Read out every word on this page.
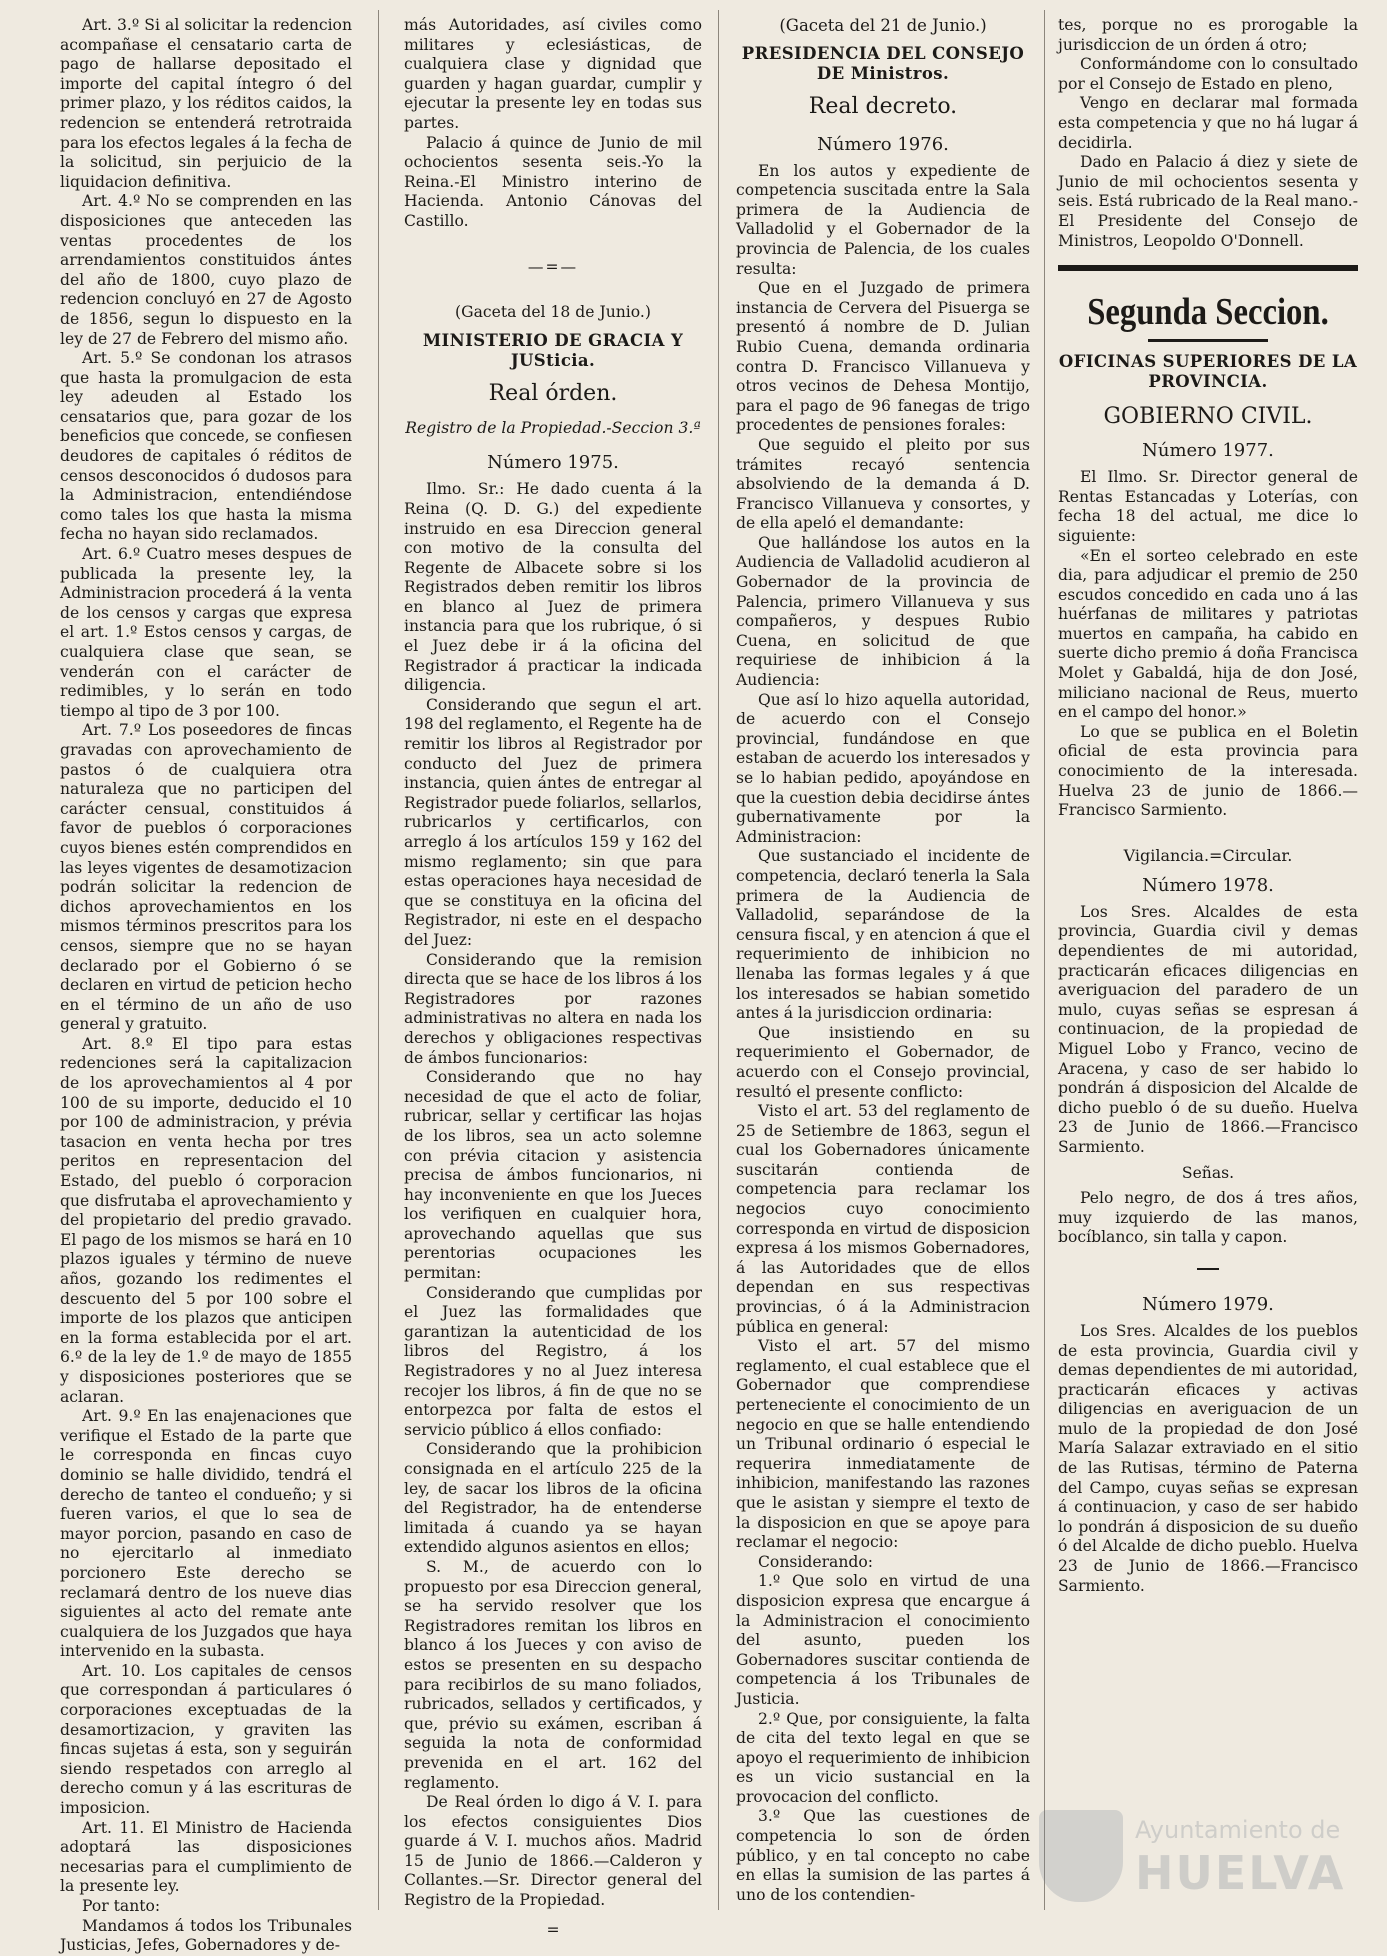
Art. 3.º Si al solicitar la redencion acompañase el censatario carta de pago de hallarse depositado el importe del capital íntegro ó del primer plazo, y los réditos caidos, la redencion se entenderá retrotraida para los efectos legales á la fecha de la solicitud, sin perjuicio de la liquidacion definitiva.

Art. 4.º No se comprenden en las disposiciones que anteceden las ventas procedentes de los arrendamientos constituidos ántes del año de 1800, cuyo plazo de redencion concluyó en 27 de Agosto de 1856, segun lo dispuesto en la ley de 27 de Febrero del mismo año.

Art. 5.º Se condonan los atrasos que hasta la promulgacion de esta ley adeuden al Estado los censatarios que, para gozar de los beneficios que concede, se confiesen deudores de capitales ó réditos de censos desconocidos ó dudosos para la Administracion, entendiéndose como tales los que hasta la misma fecha no hayan sido reclamados.

Art. 6.º Cuatro meses despues de publicada la presente ley, la Administracion procederá á la venta de los censos y cargas que expresa el art. 1.º Estos censos y cargas, de cualquiera clase que sean, se venderán con el carácter de redimibles, y lo serán en todo tiempo al tipo de 3 por 100.

Art. 7.º Los poseedores de fincas gravadas con aprovechamiento de pastos ó de cualquiera otra naturaleza que no participen del carácter censual, constituidos á favor de pueblos ó corporaciones cuyos bienes estén comprendidos en las leyes vigentes de desamotizacion podrán solicitar la redencion de dichos aprovechamientos en los mismos términos prescritos para los censos, siempre que no se hayan declarado por el Gobierno ó se declaren en virtud de peticion hecho en el término de un año de uso general y gratuito.

Art. 8.º El tipo para estas redenciones será la capitalizacion de los aprovechamientos al 4 por 100 de su importe, deducido el 10 por 100 de administracion, y prévia tasacion en venta hecha por tres peritos en representacion del Estado, del pueblo ó corporacion que disfrutaba el aprovechamiento y del propietario del predio gravado. El pago de los mismos se hará en 10 plazos iguales y término de nueve años, gozando los redimentes el descuento del 5 por 100 sobre el importe de los plazos que anticipen en la forma establecida por el art. 6.º de la ley de 1.º de mayo de 1855 y disposiciones posteriores que se aclaran.

Art. 9.º En las enajenaciones que verifique el Estado de la parte que le corresponda en fincas cuyo dominio se halle dividido, tendrá el derecho de tanteo el condueño; y si fueren varios, el que lo sea de mayor porcion, pasando en caso de no ejercitarlo al inmediato porcionero Este derecho se reclamará dentro de los nueve dias siguientes al acto del remate ante cualquiera de los Juzgados que haya intervenido en la subasta.

Art. 10. Los capitales de censos que correspondan á particulares ó corporaciones exceptuadas de la desamortizacion, y graviten las fincas sujetas á esta, son y seguirán siendo respetados con arreglo al derecho comun y á las escrituras de imposicion.

Art. 11. El Ministro de Hacienda adoptará las disposiciones necesarias para el cumplimiento de la presente ley.

Por tanto:

Mandamos á todos los Tribunales Justicias, Jefes, Gobernadores y de-

más Autoridades, así civiles como militares y eclesiásticas, de cualquiera clase y dignidad que guarden y hagan guardar, cumplir y ejecutar la presente ley en todas sus partes.

Palacio á quince de Junio de mil ochocientos sesenta seis.-Yo la Reina.-El Ministro interino de Hacienda. Antonio Cánovas del Castillo.

—=—
(Gaceta del 18 de Junio.)
MINISTERIO DE GRACIA Y JUSticia.
Real órden.
Registro de la Propiedad.-Seccion 3.ª
Número 1975.

Ilmo. Sr.: He dado cuenta á la Reina (Q. D. G.) del expediente instruido en esa Direccion general con motivo de la consulta del Regente de Albacete sobre si los Registrados deben remitir los libros en blanco al Juez de primera instancia para que los rubrique, ó si el Juez debe ir á la oficina del Registrador á practicar la indicada diligencia.

Considerando que segun el art. 198 del reglamento, el Regente ha de remitir los libros al Registrador por conducto del Juez de primera instancia, quien ántes de entregar al Registrador puede foliarlos, sellarlos, rubricarlos y certificarlos, con arreglo á los artículos 159 y 162 del mismo reglamento; sin que para estas operaciones haya necesidad de que se constituya en la oficina del Registrador, ni este en el despacho del Juez:

Considerando que la remision directa que se hace de los libros á los Registradores por razones administrativas no altera en nada los derechos y obligaciones respectivas de ámbos funcionarios:

Considerando que no hay necesidad de que el acto de foliar, rubricar, sellar y certificar las hojas de los libros, sea un acto solemne con prévia citacion y asistencia precisa de ámbos funcionarios, ni hay inconveniente en que los Jueces los verifiquen en cualquier hora, aprovechando aquellas que sus perentorias ocupaciones les permitan:

Considerando que cumplidas por el Juez las formalidades que garantizan la autenticidad de los libros del Registro, á los Registradores y no al Juez interesa recojer los libros, á fin de que no se entorpezca por falta de estos el servicio público á ellos confiado:

Considerando que la prohibicion consignada en el artículo 225 de la ley, de sacar los libros de la oficina del Registrador, ha de entenderse limitada á cuando ya se hayan extendido algunos asientos en ellos;

S. M., de acuerdo con lo propuesto por esa Direccion general, se ha servido resolver que los Registradores remitan los libros en blanco á los Jueces y con aviso de estos se presenten en su despacho para recibirlos de su mano foliados, rubricados, sellados y certificados, y que, prévio su exámen, escriban á seguida la nota de conformidad prevenida en el art. 162 del reglamento.

De Real órden lo digo á V. I. para los efectos consiguientes Dios guarde á V. I. muchos años. Madrid 15 de Junio de 1866.—Calderon y Collantes.—Sr. Director general del Registro de la Propiedad.

=
(Gaceta del 21 de Junio.)
PRESIDENCIA DEL CONSEJO DE Ministros.
Real decreto.
Número 1976.

En los autos y expediente de competencia suscitada entre la Sala primera de la Audiencia de Valladolid y el Gobernador de la provincia de Palencia, de los cuales resulta:

Que en el Juzgado de primera instancia de Cervera del Pisuerga se presentó á nombre de D. Julian Rubio Cuena, demanda ordinaria contra D. Francisco Villanueva y otros vecinos de Dehesa Montijo, para el pago de 96 fanegas de trigo procedentes de pensiones forales:

Que seguido el pleito por sus trámites recayó sentencia absolviendo de la demanda á D. Francisco Villanueva y consortes, y de ella apeló el demandante:

Que hallándose los autos en la Audiencia de Valladolid acudieron al Gobernador de la provincia de Palencia, primero Villanueva y sus compañeros, y despues Rubio Cuena, en solicitud de que requiriese de inhibicion á la Audiencia:

Que así lo hizo aquella autoridad, de acuerdo con el Consejo provincial, fundándose en que estaban de acuerdo los interesados y se lo habian pedido, apoyándose en que la cuestion debia decidirse ántes gubernativamente por la Administracion:

Que sustanciado el incidente de competencia, declaró tenerla la Sala primera de la Audiencia de Valladolid, separándose de la censura fiscal, y en atencion á que el requerimiento de inhibicion no llenaba las formas legales y á que los interesados se habian sometido antes á la jurisdiccion ordinaria:

Que insistiendo en su requerimiento el Gobernador, de acuerdo con el Consejo provincial, resultó el presente conflicto:

Visto el art. 53 del reglamento de 25 de Setiembre de 1863, segun el cual los Gobernadores únicamente suscitarán contienda de competencia para reclamar los negocios cuyo conocimiento corresponda en virtud de disposicion expresa á los mismos Gobernadores, á las Autoridades que de ellos dependan en sus respectivas provincias, ó á la Administracion pública en general:

Visto el art. 57 del mismo reglamento, el cual establece que el Gobernador que comprendiese perteneciente el conocimiento de un negocio en que se halle entendiendo un Tribunal ordinario ó especial le requerira inmediatamente de inhibicion, manifestando las razones que le asistan y siempre el texto de la disposicion en que se apoye para reclamar el negocio:

Considerando:

1.º Que solo en virtud de una disposicion expresa que encargue á la Administracion el conocimiento del asunto, pueden los Gobernadores suscitar contienda de competencia á los Tribunales de Justicia.

2.º Que, por consiguiente, la falta de cita del texto legal en que se apoyo el requerimiento de inhibicion es un vicio sustancial en la provocacion del conflicto.

3.º Que las cuestiones de competencia lo son de órden público, y en tal concepto no cabe en ellas la sumision de las partes á uno de los contendien-

tes, porque no es prorogable la jurisdiccion de un órden á otro;

Conformándome con lo consultado por el Consejo de Estado en pleno,

Vengo en declarar mal formada esta competencia y que no há lugar á decidirla.

Dado en Palacio á diez y siete de Junio de mil ochocientos sesenta y seis. Está rubricado de la Real mano.-El Presidente del Consejo de Ministros, Leopoldo O'Donnell.

Segunda Seccion.
OFICINAS SUPERIORES DE LA PROVINCIA.
GOBIERNO CIVIL.
Número 1977.

El Ilmo. Sr. Director general de Rentas Estancadas y Loterías, con fecha 18 del actual, me dice lo siguiente:

«En el sorteo celebrado en este dia, para adjudicar el premio de 250 escudos concedido en cada uno á las huérfanas de militares y patriotas muertos en campaña, ha cabido en suerte dicho premio á doña Francisca Molet y Gabaldá, hija de don José, miliciano nacional de Reus, muerto en el campo del honor.»

Lo que se publica en el Boletin oficial de esta provincia para conocimiento de la interesada. Huelva 23 de junio de 1866.—Francisco Sarmiento.

Vigilancia.=Circular.
Número 1978.

Los Sres. Alcaldes de esta provincia, Guardia civil y demas dependientes de mi autoridad, practicarán eficaces diligencias en averiguacion del paradero de un mulo, cuyas señas se espresan á continuacion, de la propiedad de Miguel Lobo y Franco, vecino de Aracena, y caso de ser habido lo pondrán á disposicion del Alcalde de dicho pueblo ó de su dueño. Huelva 23 de Junio de 1866.—Francisco Sarmiento.

Señas.

Pelo negro, de dos á tres años, muy izquierdo de las manos, bocíblanco, sin talla y capon.

Número 1979.

Los Sres. Alcaldes de los pueblos de esta provincia, Guardia civil y demas dependientes de mi autoridad, practicarán eficaces y activas diligencias en averiguacion de un mulo de la propiedad de don José María Salazar extraviado en el sitio de las Rutisas, término de Paterna del Campo, cuyas señas se expresan á continuacion, y caso de ser habido lo pondrán á disposicion de su dueño ó del Alcalde de dicho pueblo. Huelva 23 de Junio de 1866.—Francisco Sarmiento.

Ayuntamiento de
HUELVA
